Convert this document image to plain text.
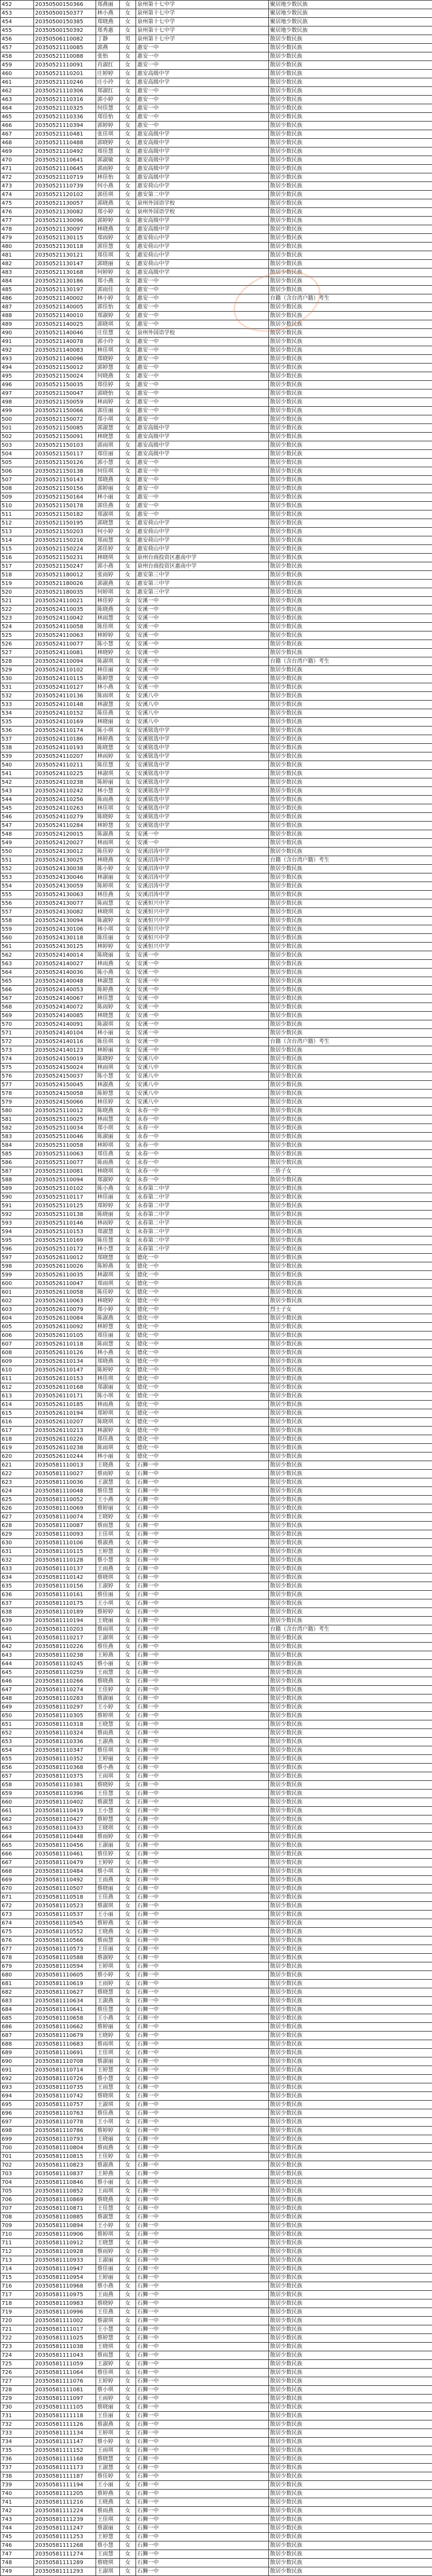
452	20350500150366	郑燕丽	女	泉州第十七中学	聚居地少数民族
453	20350500150377	林小燕	女	泉州第十七中学	聚居地少数民族
454	20350500150385	郑晓燕	女	泉州第十七中学	聚居地少数民族
455	20350500150392	郑秀惠	女	泉州第十七中学	聚居地少数民族
456	20350506110082	丁静	男	泉州第十七中学	散居少数民族
457	20350521110085	郭燕	女	惠安一中	散居少数民族
458	20350521110088	张怡	女	惠安一中	散居少数民族
459	20350521110091	肖淑红	女	惠安一中	散居少数民族
460	20350521110201	庄婷婷	女	惠安高级中学	散居少数民族
461	20350521110246	庄小玲	女	惠安高级中学	散居少数民族
462	20350521110306	郑淑红	女	惠安一中	散居少数民族
463	20350521110316	郭小婷	女	惠安一中	散居少数民族
464	20350521110325	何佳慧	女	惠安一中	散居少数民族
465	20350521110336	郑佳怡	女	惠安一中	散居少数民族
466	20350521110394	郭婷婷	女	惠安一中	散居少数民族
467	20350521110481	张佳琪	女	惠安高级中学	散居少数民族
468	20350521110488	郭晓婷	女	惠安高级中学	散居少数民族
469	20350521110492	郑佳慧	女	惠安高级中学	散居少数民族
470	20350521110641	郭淑敏	女	惠安高级中学	散居少数民族
471	20350521110645	郭雨婷	女	惠安高级中学	散居少数民族
472	20350521110719	林佳怡	女	惠安高级中学	散居少数民族
473	20350521110739	何小燕	女	惠安荷山中学	散居少数民族
474	20350521120102	郭佳琪	女	惠安第二中学	散居少数民族
475	20350521130057	郭晓燕	女	泉州外国语学校	散居少数民族
476	20350521130082	郑小婷	女	泉州外国语学校	散居少数民族
477	20350521130096	郭婷婷	女	惠安高级中学	散居少数民族
478	20350521130097	林晓燕	女	惠安高级中学	散居少数民族
479	20350521130115	郑雨婷	女	惠安荷山中学	散居少数民族
480	20350521130118	郭佳慧	女	惠安荷山中学	散居少数民族
481	20350521130121	郑佳琪	女	惠安荷山中学	散居少数民族
482	20350521130147	郭晓丽	女	惠安荷山中学	散居少数民族
483	20350521130168	何婷婷	女	惠安高级中学	散居少数民族
484	20350521130186	郑小燕	女	惠安一中	散居少数民族
485	20350521130197	郭雨佳	女	惠安一中	散居少数民族
486	20350521140002	林小婷	女	惠安一中	台籍（含台湾户籍）考生
487	20350521140005	郭佳怡	女	惠安一中	散居少数民族
488	20350521140010	郑淑婷	女	惠安一中	散居少数民族
489	20350521140025	郭晓琪	女	惠安一中	散居少数民族
490	20350521140046	庄佳慧	女	泉州外国语学校	散居少数民族
491	20350521140078	郭小玲	女	惠安一中	散居少数民族
492	20350521140083	林佳琪	女	惠安一中	散居少数民族
493	20350521140096	郑晓婷	女	惠安一中	散居少数民族
494	20350521150012	郭婷慧	女	惠安一中	散居少数民族
495	20350521150024	何晓燕	女	惠安一中	散居少数民族
496	20350521150035	郑佳婷	女	惠安一中	散居少数民族
497	20350521150047	郭晓怡	女	惠安一中	散居少数民族
498	20350521150059	林雨婷	女	惠安一中	散居少数民族
499	20350521150066	郭佳丽	女	惠安一中	散居少数民族
500	20350521150072	郑小琪	女	惠安一中	散居少数民族
501	20350521150085	郭淑慧	女	惠安高级中学	散居少数民族
502	20350521150091	林晓慧	女	惠安高级中学	散居少数民族
503	20350521150103	郭雨琪	女	惠安高级中学	散居少数民族
504	20350521150117	郑佳丽	女	惠安高级中学	散居少数民族
505	20350521150126	郭小慧	女	惠安一中	散居少数民族
506	20350521150138	何佳琪	女	惠安一中	散居少数民族
507	20350521150143	郑晓燕	女	惠安一中	散居少数民族
508	20350521150156	郭婷丽	女	惠安一中	散居少数民族
509	20350521150164	林小丽	女	惠安一中	散居少数民族
510	20350521150178	郭佳燕	女	惠安一中	散居少数民族
511	20350521150182	郑淑琪	女	惠安一中	散居少数民族
512	20350521150195	郭晓慧	女	惠安荷山中学	散居少数民族
513	20350521150203	何小婷	女	惠安荷山中学	散居少数民族
514	20350521150216	郑雨慧	女	惠安荷山中学	散居少数民族
515	20350521150224	郭佳婷	女	惠安荷山中学	散居少数民族
516	20350521150231	林晓琪	女	泉州台商投资区惠南中学	散居少数民族
517	20350521150247	郭小燕	女	泉州台商投资区惠南中学	散居少数民族
518	20350521180012	张雨婷	女	惠安第三中学	散居少数民族
519	20350521180026	郭淑燕	女	惠安第三中学	散居少数民族
520	20350521180035	何婷琪	女	惠安第三中学	散居少数民族
521	20350524110021	林佳婷	女	安溪一中	散居少数民族
522	20350524110035	陈晓燕	女	安溪一中	散居少数民族
523	20350524110042	林雨慧	女	安溪一中	散居少数民族
524	20350524110058	陈佳琪	女	安溪一中	散居少数民族
525	20350524110063	林婷婷	女	安溪一中	散居少数民族
526	20350524110077	陈小慧	女	安溪一中	散居少数民族
527	20350524110081	林晓婷	女	安溪一中	散居少数民族
528	20350524110094	陈淑琪	女	安溪一中	台籍（含台湾户籍）考生
529	20350524110102	林佳丽	女	安溪一中	散居少数民族
530	20350524110115	陈婷慧	女	安溪一中	散居少数民族
531	20350524110127	林小燕	女	安溪一中	散居少数民族
532	20350524110136	陈雨琪	女	安溪八中	散居少数民族
533	20350524110148	林淑慧	女	安溪八中	散居少数民族
534	20350524110152	陈佳燕	女	安溪八中	散居少数民族
535	20350524110169	林晓丽	女	安溪八中	散居少数民族
536	20350524110174	陈小琪	女	安溪铭选中学	散居少数民族
537	20350524110186	林婷燕	女	安溪铭选中学	散居少数民族
538	20350524110193	陈晓慧	女	安溪铭选中学	散居少数民族
539	20350524110207	林雨婷	女	安溪铭选中学	散居少数民族
540	20350524110211	陈佳慧	女	安溪铭选中学	散居少数民族
541	20350524110225	林淑琪	女	安溪铭选中学	散居少数民族
542	20350524110238	陈婷丽	女	安溪铭选中学	散居少数民族
543	20350524110242	林小慧	女	安溪铭选中学	散居少数民族
544	20350524110256	陈雨燕	女	安溪铭选中学	散居少数民族
545	20350524110263	林佳琪	女	安溪铭选中学	散居少数民族
546	20350524110279	陈晓婷	女	安溪铭选中学	散居少数民族
547	20350524110284	林婷慧	女	安溪铭选中学	散居少数民族
548	20350524120015	陈淑燕	女	安溪一中	散居少数民族
549	20350524120027	林雨琪	女	安溪一中	散居少数民族
550	20350524130012	陈佳婷	女	安溪沼涛中学	散居少数民族
551	20350524130025	林晓燕	女	安溪沼涛中学	台籍（含台湾户籍）考生
552	20350524130038	陈小婷	女	安溪沼涛中学	散居少数民族
553	20350524130046	林淑丽	女	安溪沼涛中学	散居少数民族
554	20350524130059	陈婷琪	女	安溪沼涛中学	散居少数民族
555	20350524130063	林佳燕	女	安溪沼涛中学	散居少数民族
556	20350524130077	陈雨慧	女	安溪恒兴中学	散居少数民族
557	20350524130082	林晓琪	女	安溪恒兴中学	散居少数民族
558	20350524130094	陈淑婷	女	安溪恒兴中学	散居少数民族
559	20350524130106	林小琪	女	安溪恒兴中学	散居少数民族
560	20350524130118	陈佳丽	女	安溪恒兴中学	散居少数民族
561	20350524130125	林婷婷	女	安溪恒兴中学	散居少数民族
562	20350524140014	陈晓丽	女	安溪一中	散居少数民族
563	20350524140027	林雨燕	女	安溪一中	散居少数民族
564	20350524140036	陈小燕	女	安溪一中	散居少数民族
565	20350524140048	林淑慧	女	安溪一中	散居少数民族
566	20350524140053	陈婷燕	女	安溪一中	散居少数民族
567	20350524140067	林佳慧	女	安溪一中	散居少数民族
568	20350524140072	陈雨婷	女	安溪一中	散居少数民族
569	20350524140085	林晓慧	女	安溪一中	散居少数民族
570	20350524140091	陈淑琪	女	安溪一中	散居少数民族
571	20350524140104	林小丽	女	安溪一中	散居少数民族
572	20350524140116	陈佳琪	女	安溪一中	台籍（含台湾户籍）考生
573	20350524140123	林婷丽	女	安溪一中	散居少数民族
574	20350524150019	陈晓婷	女	安溪八中	散居少数民族
575	20350524150024	林雨琪	女	安溪八中	散居少数民族
576	20350524150037	陈小慧	女	安溪八中	散居少数民族
577	20350524150045	林淑燕	女	安溪八中	散居少数民族
578	20350524150058	陈婷慧	女	安溪八中	散居少数民族
579	20350524150066	林佳婷	女	安溪八中	散居少数民族
580	20350525110012	陈晓燕	女	永春一中	散居少数民族
581	20350525110025	林雨慧	女	永春一中	散居少数民族
582	20350525110034	郑小琪	女	永春一中	散居少数民族
583	20350525110046	陈淑丽	女	永春一中	散居少数民族
584	20350525110058	林婷琪	女	永春一中	散居少数民族
585	20350525110063	郑佳燕	女	永春一中	散居少数民族
586	20350525110077	陈雨燕	女	永春一中	散居少数民族
587	20350525110081	林晓琪	女	永春一中	三侨子女
588	20350525110094	郑淑婷	女	永春一中	散居少数民族
589	20350525110102	陈小燕	女	永春第二中学	散居少数民族
590	20350525110117	林佳丽	女	永春第二中学	散居少数民族
591	20350525110125	郑婷婷	女	永春第二中学	散居少数民族
592	20350525110138	陈晓丽	女	永春第二中学	散居少数民族
593	20350525110146	林雨婷	女	永春第二中学	散居少数民族
594	20350525110153	郑淑慧	女	永春第二中学	散居少数民族
595	20350525110169	陈佳慧	女	永春第二中学	散居少数民族
596	20350525110172	林小慧	女	永春第二中学	散居少数民族
597	20350526110012	郑晓慧	女	德化一中	散居少数民族
598	20350526110026	陈婷燕	女	德化一中	散居少数民族
599	20350526110035	林淑琪	女	德化一中	散居少数民族
600	20350526110047	郑雨琪	女	德化一中	散居少数民族
601	20350526110058	陈佳婷	女	德化一中	散居少数民族
602	20350526110063	林晓婷	女	德化一中	散居少数民族
603	20350526110079	郑小婷	女	德化一中	烈士子女
604	20350526110084	陈淑燕	女	德化一中	散居少数民族
605	20350526110092	林婷慧	女	德化一中	散居少数民族
606	20350526110105	郑佳丽	女	德化一中	散居少数民族
607	20350526110118	陈雨慧	女	德化一中	散居少数民族
608	20350526110126	林小燕	女	德化一中	散居少数民族
609	20350526110134	郑晓燕	女	德化一中	散居少数民族
610	20350526110147	陈婷婷	女	德化一中	散居少数民族
611	20350526110153	林佳琪	女	德化一中	散居少数民族
612	20350526110168	郑淑丽	女	德化一中	散居少数民族
613	20350526110171	陈小琪	女	德化一中	散居少数民族
614	20350526110185	林雨燕	女	德化一中	散居少数民族
615	20350526110194	郑婷琪	女	德化一中	散居少数民族
616	20350526110207	陈晓琪	女	德化一中	散居少数民族
617	20350526110213	林淑婷	女	德化一中	散居少数民族
618	20350526110226	郑佳燕	女	德化一中	散居少数民族
619	20350526110238	陈雨琪	女	德化一中	散居少数民族
620	20350526110244	林小丽	女	德化一中	散居少数民族
621	20350581110013	王晓燕	女	石狮一中	散居少数民族
622	20350581110027	蔡雨婷	女	石狮一中	散居少数民族
623	20350581110036	王淑慧	女	石狮一中	散居少数民族
624	20350581110048	蔡佳慧	女	石狮一中	散居少数民族
625	20350581110052	王小燕	女	石狮一中	散居少数民族
626	20350581110069	蔡婷丽	女	石狮一中	散居少数民族
627	20350581110074	王晓婷	女	石狮一中	散居少数民族
628	20350581110087	蔡雨慧	女	石狮一中	散居少数民族
629	20350581110093	王佳琪	女	石狮一中	散居少数民族
630	20350581110106	蔡淑燕	女	石狮一中	散居少数民族
631	20350581110115	王婷慧	女	石狮一中	散居少数民族
632	20350581110128	蔡小慧	女	石狮一中	散居少数民族
633	20350581110137	王雨燕	女	石狮一中	散居少数民族
634	20350581110142	蔡晓琪	女	石狮一中	散居少数民族
635	20350581110156	王淑婷	女	石狮一中	散居少数民族
636	20350581110161	蔡佳丽	女	石狮一中	散居少数民族
637	20350581110175	王小琪	女	石狮一中	散居少数民族
638	20350581110189	蔡婷婷	女	石狮一中	散居少数民族
639	20350581110194	王晓丽	女	石狮一中	散居少数民族
640	20350581110203	蔡雨琪	女	石狮一中	台籍（含台湾户籍）考生
641	20350581110217	王淑琪	女	石狮一中	散居少数民族
642	20350581110226	蔡佳燕	女	石狮一中	散居少数民族
643	20350581110238	王婷燕	女	石狮一中	散居少数民族
644	20350581110245	蔡小丽	女	石狮一中	散居少数民族
645	20350581110259	王雨慧	女	石狮一中	散居少数民族
646	20350581110266	蔡晓燕	女	石狮一中	散居少数民族
647	20350581110274	王佳婷	女	石狮一中	散居少数民族
648	20350581110283	蔡淑丽	女	石狮一中	散居少数民族
649	20350581110297	王小婷	女	石狮一中	散居少数民族
650	20350581110305	蔡婷琪	女	石狮一中	散居少数民族
651	20350581110318	王晓慧	女	石狮一中	散居少数民族
652	20350581110324	蔡雨燕	女	石狮一中	散居少数民族
653	20350581110336	王淑燕	女	石狮一中	散居少数民族
654	20350581110347	蔡佳琪	女	石狮一中	散居少数民族
655	20350581110352	王婷丽	女	石狮一中	散居少数民族
656	20350581110368	蔡小燕	女	石狮一中	散居少数民族
657	20350581110375	王雨琪	女	石狮一中	散居少数民族
658	20350581110381	蔡晓婷	女	石狮一中	散居少数民族
659	20350581110396	王佳慧	女	石狮一中	散居少数民族
660	20350581110402	蔡淑慧	女	石狮一中	散居少数民族
661	20350581110419	王小慧	女	石狮一中	散居少数民族
662	20350581110427	蔡婷慧	女	石狮一中	散居少数民族
663	20350581110433	王晓琪	女	石狮一中	散居少数民族
664	20350581110448	蔡雨婷	女	石狮一中	散居少数民族
665	20350581110456	王淑丽	女	石狮一中	散居少数民族
666	20350581110461	蔡佳婷	女	石狮一中	散居少数民族
667	20350581110479	王婷婷	女	石狮一中	散居少数民族
668	20350581110484	蔡小琪	女	石狮一中	散居少数民族
669	20350581110492	王雨燕	女	石狮一中	散居少数民族
670	20350581110507	蔡晓丽	女	石狮一中	散居少数民族
671	20350581110518	王佳燕	女	石狮一中	散居少数民族
672	20350581110523	蔡淑琪	女	石狮一中	散居少数民族
673	20350581110537	王小丽	女	石狮一中	散居少数民族
674	20350581110545	蔡婷燕	女	石狮一中	散居少数民族
675	20350581110552	王晓燕	女	石狮一中	散居少数民族
676	20350581110566	蔡雨慧	女	石狮一中	散居少数民族
677	20350581110573	王佳丽	女	石狮一中	散居少数民族
678	20350581110588	蔡淑婷	女	石狮一中	散居少数民族
679	20350581110594	王婷琪	女	石狮一中	散居少数民族
680	20350581110605	蔡小婷	女	石狮一中	散居少数民族
681	20350581110619	王雨婷	女	石狮一中	散居少数民族
682	20350581110627	蔡晓慧	女	石狮一中	散居少数民族
683	20350581110634	王淑燕	女	石狮一中	散居少数民族
684	20350581110641	蔡佳慧	女	石狮一中	散居少数民族
685	20350581110658	王小燕	女	石狮一中	散居少数民族
686	20350581110662	蔡婷丽	女	石狮一中	散居少数民族
687	20350581110679	王晓婷	女	石狮一中	散居少数民族
688	20350581110683	蔡雨琪	女	石狮一中	散居少数民族
689	20350581110691	王佳琪	女	石狮一中	散居少数民族
690	20350581110708	蔡淑丽	女	石狮一中	散居少数民族
691	20350581110714	王婷慧	女	石狮一中	散居少数民族
692	20350581110726	蔡小慧	女	石狮一中	散居少数民族
693	20350581110735	王雨慧	女	石狮一中	散居少数民族
694	20350581110742	蔡晓琪	女	石狮一中	散居少数民族
695	20350581110757	王淑琪	女	石狮一中	散居少数民族
696	20350581110763	蔡佳燕	女	石狮一中	散居少数民族
697	20350581110778	王小琪	女	石狮一中	散居少数民族
698	20350581110786	蔡婷婷	女	石狮一中	散居少数民族
699	20350581110793	王晓丽	女	石狮一中	散居少数民族
700	20350581110804	蔡雨燕	女	石狮一中	散居少数民族
701	20350581110815	王佳婷	女	石狮一中	散居少数民族
702	20350581110823	蔡淑燕	女	石狮一中	散居少数民族
703	20350581110837	王婷燕	女	石狮一中	散居少数民族
704	20350581110846	蔡小丽	女	石狮一中	散居少数民族
705	20350581110852	王雨琪	女	石狮一中	散居少数民族
706	20350581110869	蔡晓燕	女	石狮一中	散居少数民族
707	20350581110871	王佳慧	女	石狮一中	散居少数民族
708	20350581110885	蔡淑慧	女	石狮一中	散居少数民族
709	20350581110894	王小婷	女	石狮一中	散居少数民族
710	20350581110906	蔡婷琪	女	石狮一中	散居少数民族
711	20350581110912	王晓慧	女	石狮一中	散居少数民族
712	20350581110928	蔡雨婷	女	石狮一中	散居少数民族
713	20350581110933	王淑丽	女	石狮一中	散居少数民族
714	20350581110947	蔡佳丽	女	石狮一中	散居少数民族
715	20350581110954	王婷丽	女	石狮一中	散居少数民族
716	20350581110968	蔡小燕	女	石狮一中	散居少数民族
717	20350581110975	王雨燕	女	石狮一中	散居少数民族
718	20350581110983	蔡晓婷	女	石狮一中	散居少数民族
719	20350581110996	王佳燕	女	石狮一中	散居少数民族
720	20350581111002	蔡淑琪	女	石狮一中	散居少数民族
721	20350581111017	王小慧	女	石狮一中	散居少数民族
722	20350581111025	蔡婷慧	女	石狮一中	散居少数民族
723	20350581111038	王晓琪	女	石狮一中	散居少数民族
724	20350581111043	蔡雨慧	女	石狮一中	散居少数民族
725	20350581111059	王淑婷	女	石狮一中	散居少数民族
726	20350581111064	蔡佳琪	女	石狮一中	散居少数民族
727	20350581111076	王婷婷	女	石狮一中	散居少数民族
728	20350581111081	蔡小琪	女	石狮一中	散居少数民族
729	20350581111097	王雨婷	女	石狮一中	散居少数民族
730	20350581111105	蔡晓丽	女	石狮一中	散居少数民族
731	20350581111118	王佳丽	女	石狮一中	散居少数民族
732	20350581111126	蔡淑燕	女	石狮一中	散居少数民族
733	20350581111134	王婷琪	女	石狮一中	散居少数民族
734	20350581111147	蔡小婷	女	石狮一中	散居少数民族
735	20350581111152	王雨琪	女	石狮一中	散居少数民族
736	20350581111168	蔡晓慧	女	石狮一中	散居少数民族
737	20350581111173	王淑慧	女	石狮一中	散居少数民族
738	20350581111187	蔡佳婷	女	石狮一中	散居少数民族
739	20350581111194	王小丽	女	石狮一中	散居少数民族
740	20350581111205	蔡婷燕	女	石狮一中	散居少数民族
741	20350581111216	王晓燕	女	石狮一中	散居少数民族
742	20350581111224	蔡雨燕	女	石狮一中	散居少数民族
743	20350581111239	王佳琪	女	石狮一中	散居少数民族
744	20350581111247	蔡淑丽	女	石狮一中	散居少数民族
745	20350581111253	王婷慧	女	石狮一中	散居少数民族
746	20350581111268	蔡小慧	女	石狮一中	散居少数民族
747	20350581111274	王雨慧	女	石狮一中	散居少数民族
748	20350581111289	蔡晓琪	女	石狮一中	散居少数民族
749	20350581111293	王淑琪	女	石狮一中	散居少数民族
